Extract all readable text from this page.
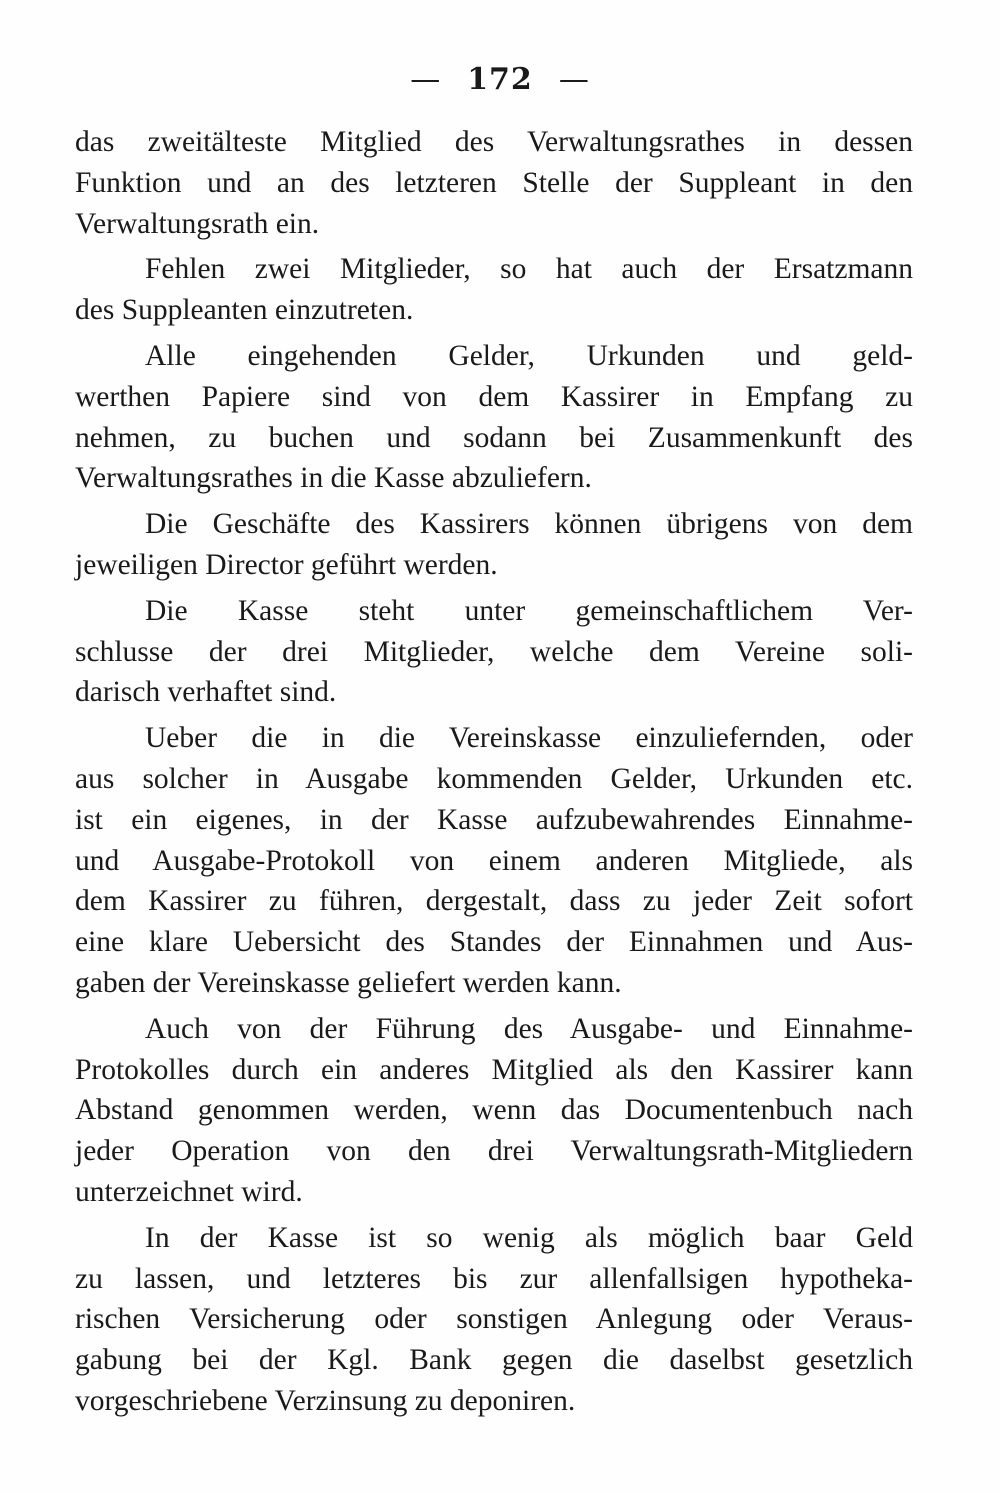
— 172 —
das zweitälteste Mitglied des Verwaltungsrathes in dessen
Funktion und an des letzteren Stelle der Suppleant in den
Verwaltungsrath ein.
Fehlen zwei Mitglieder, so hat auch der Ersatzmann
des Suppleanten einzutreten.
Alle eingehenden Gelder, Urkunden und geld-
werthen Papiere sind von dem Kassirer in Empfang zu
nehmen, zu buchen und sodann bei Zusammenkunft des
Verwaltungsrathes in die Kasse abzuliefern.
Die Geschäfte des Kassirers können übrigens von dem
jeweiligen Director geführt werden.
Die Kasse steht unter gemeinschaftlichem Ver-
schlusse der drei Mitglieder, welche dem Vereine soli-
darisch verhaftet sind.
Ueber die in die Vereinskasse einzuliefernden, oder
aus solcher in Ausgabe kommenden Gelder, Urkunden etc.
ist ein eigenes, in der Kasse aufzubewahrendes Einnahme-
und Ausgabe-Protokoll von einem anderen Mitgliede, als
dem Kassirer zu führen, dergestalt, dass zu jeder Zeit sofort
eine klare Uebersicht des Standes der Einnahmen und Aus-
gaben der Vereinskasse geliefert werden kann.
Auch von der Führung des Ausgabe- und Einnahme-
Protokolles durch ein anderes Mitglied als den Kassirer kann
Abstand genommen werden, wenn das Documentenbuch nach
jeder Operation von den drei Verwaltungsrath-Mitgliedern
unterzeichnet wird.
In der Kasse ist so wenig als möglich baar Geld
zu lassen, und letzteres bis zur allenfallsigen hypotheka-
rischen Versicherung oder sonstigen Anlegung oder Veraus-
gabung bei der Kgl. Bank gegen die daselbst gesetzlich
vorgeschriebene Verzinsung zu deponiren.
